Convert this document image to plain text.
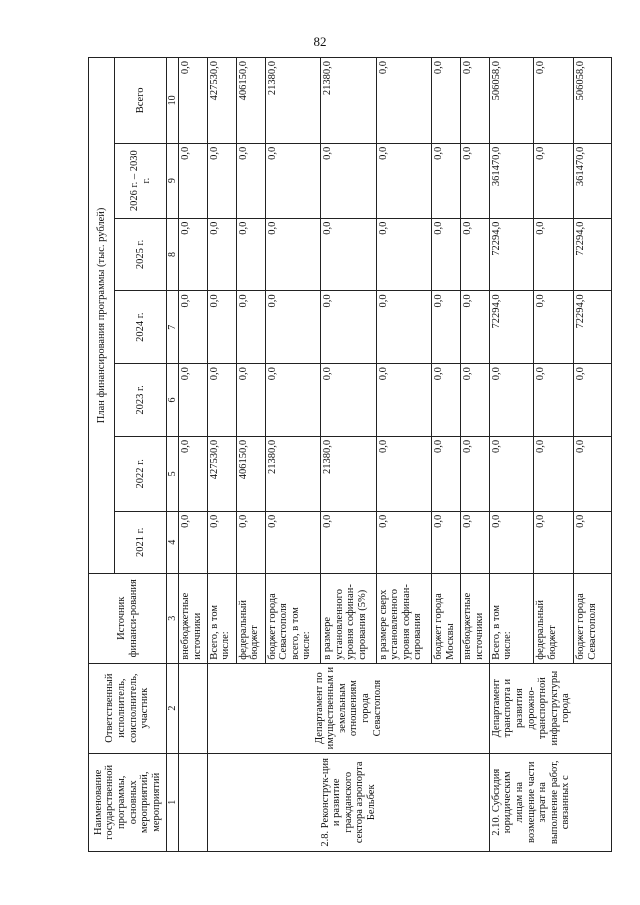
82
Наименование государственной программы, основных мероприятий, мероприятий	Ответственный исполнитель, соисполнитель, участник	Источник финанси-рования	План финансирования программы (тыс. рублей)						
			2021 г.	2022 г.	2023 г.	2024 г.	2025 г.	2026 г. – 2030 г.	Всего
1	2	3	4	5	6	7	8	9	10
		внебюджетные источники	0,0	0,0	0,0	0,0	0,0	0,0	0,0
2.8. Реконструк-ция и развитие гражданского сектора аэропорта Бельбек	Департамент по имущественным и земельным отношениям города Севастополя	Всего, в том числе:	0,0	427530,0	0,0	0,0	0,0	0,0	427530,0
		федеральный бюджет	0,0	406150,0	0,0	0,0	0,0	0,0	406150,0
		бюджет города Севастополя всего, в том числе:	0,0	21380,0	0,0	0,0	0,0	0,0	21380,0
		в размере установленного уровня софинан-сирования (5%)	0,0	21380,0	0,0	0,0	0,0	0,0	21380,0
		в размере сверх установленного уровня софинан-сирования	0,0	0,0	0,0	0,0	0,0	0,0	0,0
		бюджет города Москвы	0,0	0,0	0,0	0,0	0,0	0,0	0,0
		внебюджетные источники	0,0	0,0	0,0	0,0	0,0	0,0	0,0
2.10. Субсидия юридическим лицам на возмещение части затрат на выполнение работ, связанных с	Департамент транспорта и развития дорожно-транспортной инфраструктуры города	Всего, в том числе:	0,0	0,0	0,0	72294,0	72294,0	361470,0	506058,0
		федеральный бюджет	0,0	0,0	0,0	0,0	0,0	0,0	0,0
		бюджет города Севастополя	0,0	0,0	0,0	72294,0	72294,0	361470,0	506058,0
